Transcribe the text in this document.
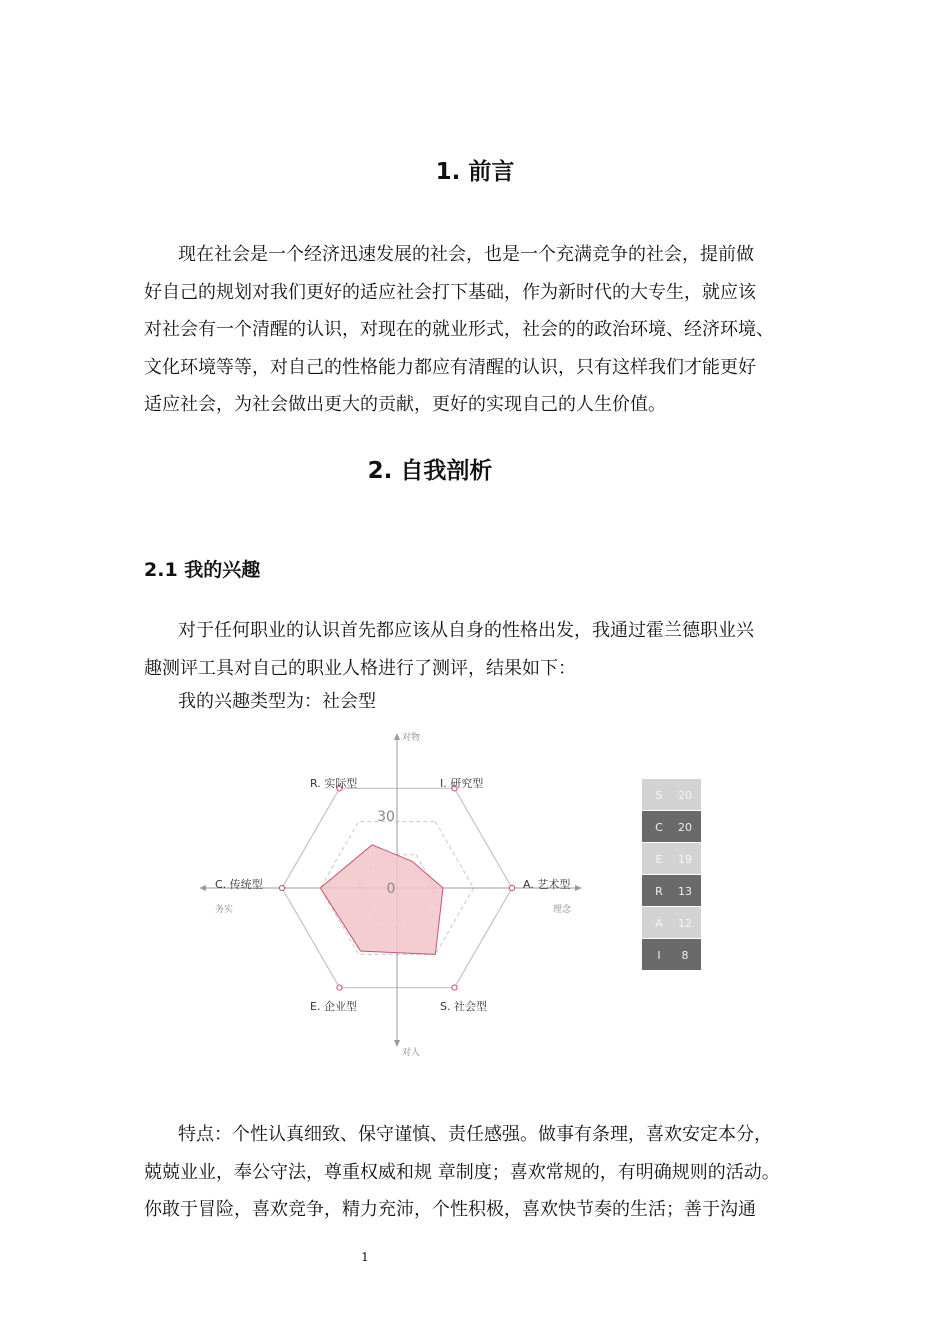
1. 前言
现在社会是一个经济迅速发展的社会，也是一个充满竞争的社会，提前做
好自己的规划对我们更好的适应社会打下基础，作为新时代的大专生，就应该
对社会有一个清醒的认识，对现在的就业形式，社会的的政治环境、经济环境、
文化环境等等，对自己的性格能力都应有清醒的认识，只有这样我们才能更好
适应社会，为社会做出更大的贡献，更好的实现自己的人生价值。
2. 自我剖析
2.1 我的兴趣
对于任何职业的认识首先都应该从自身的性格出发，我通过霍兰德职业兴
趣测评工具对自己的职业人格进行了测评，结果如下：
我的兴趣类型为：社会型
30
0
I. 研究型
A. 艺术型
S. 社会型
E. 企业型
C. 传统型
R. 实际型
对物
对人
务实	理念
S 20
C 20
E 19
R 13
A 12
I 8
特点：个性认真细致、保守谨慎、责任感强。做事有条理，喜欢安定本分，
兢兢业业，奉公守法，尊重权威和规 章制度；喜欢常规的，有明确规则的活动。
你敢于冒险，喜欢竞争，精力充沛，个性积极，喜欢快节奏的生活；善于沟通
1
